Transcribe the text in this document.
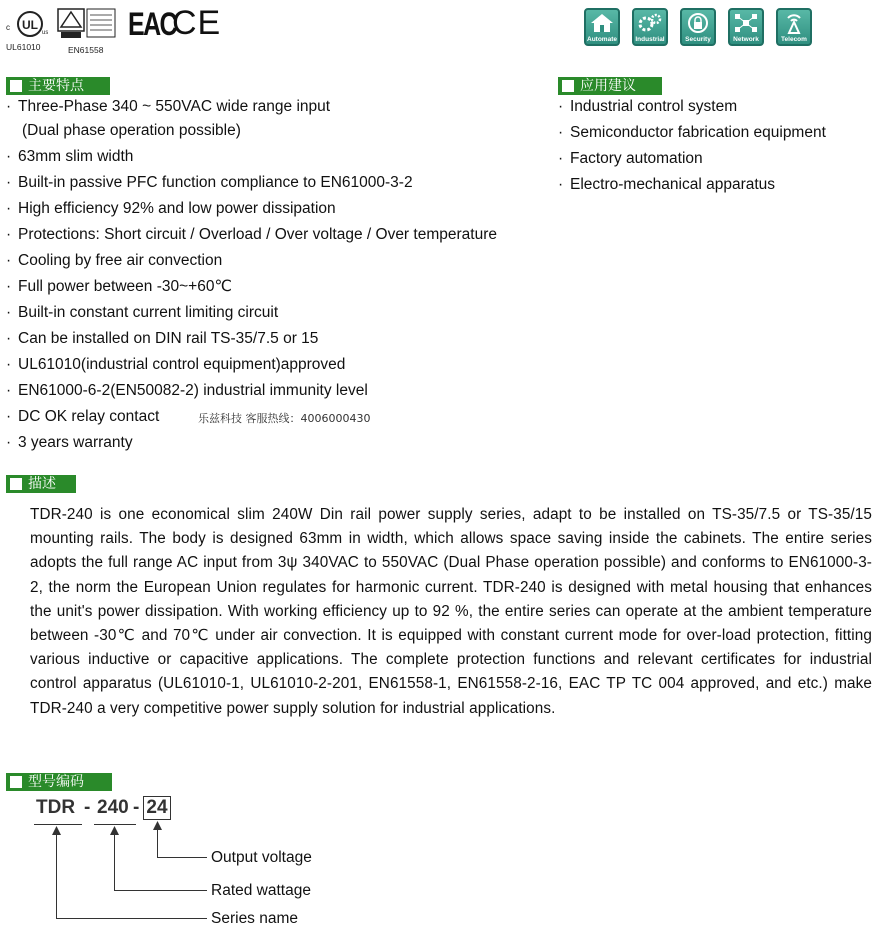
c UL
us
UL61010	EN61558
EAC
CE	Automate	Industrial	Security	Network	Telecom
主要特点
· Three-Phase 340 ~ 550VAC wide range input
(Dual phase operation possible)
· 63mm slim width
· Built-in passive PFC function compliance to EN61000-3-2
· High efficiency 92% and low power dissipation
· Protections: Short circuit / Overload / Over voltage / Over temperature
· Cooling by free air convection
· Full power between -30~+60℃
· Built-in constant current limiting circuit
· Can be installed on DIN rail TS-35/7.5 or 15
· UL61010(industrial control equipment)approved
· EN61000-6-2(EN50082-2) industrial immunity level
· DC OK relay contact
· 3 years warranty
乐兹科技 客服热线：4006000430
应用建议
· Industrial control system
· Semiconductor fabrication equipment
· Factory automation
· Electro-mechanical apparatus
描述
TDR-240 is one economical slim 240W Din rail power supply series, adapt to be installed on TS-35/7.5 or TS-35/15 mounting rails. The body is designed 63mm in width, which allows space saving inside the cabinets. The entire series adopts the full range AC input from 3ψ 340VAC to 550VAC (Dual Phase operation possible) and conforms to EN61000-3-2, the norm the European Union regulates for harmonic current. TDR-240 is designed with metal housing that enhances the unit's power dissipation. With working efficiency up to 92 %, the entire series can operate at the ambient temperature between -30℃ and 70℃ under air convection. It is equipped with constant current mode for over-load protection, fitting various inductive or capacitive applications. The complete protection functions and relevant certificates for industrial control apparatus (UL61010-1, UL61010-2-201, EN61558-1, EN61558-2-16, EAC TP TC 004 approved, and etc.) make TDR-240 a very competitive power supply solution for industrial applications.
型号编码
TDR - 240 - 24
Output voltage
Rated wattage
Series name
